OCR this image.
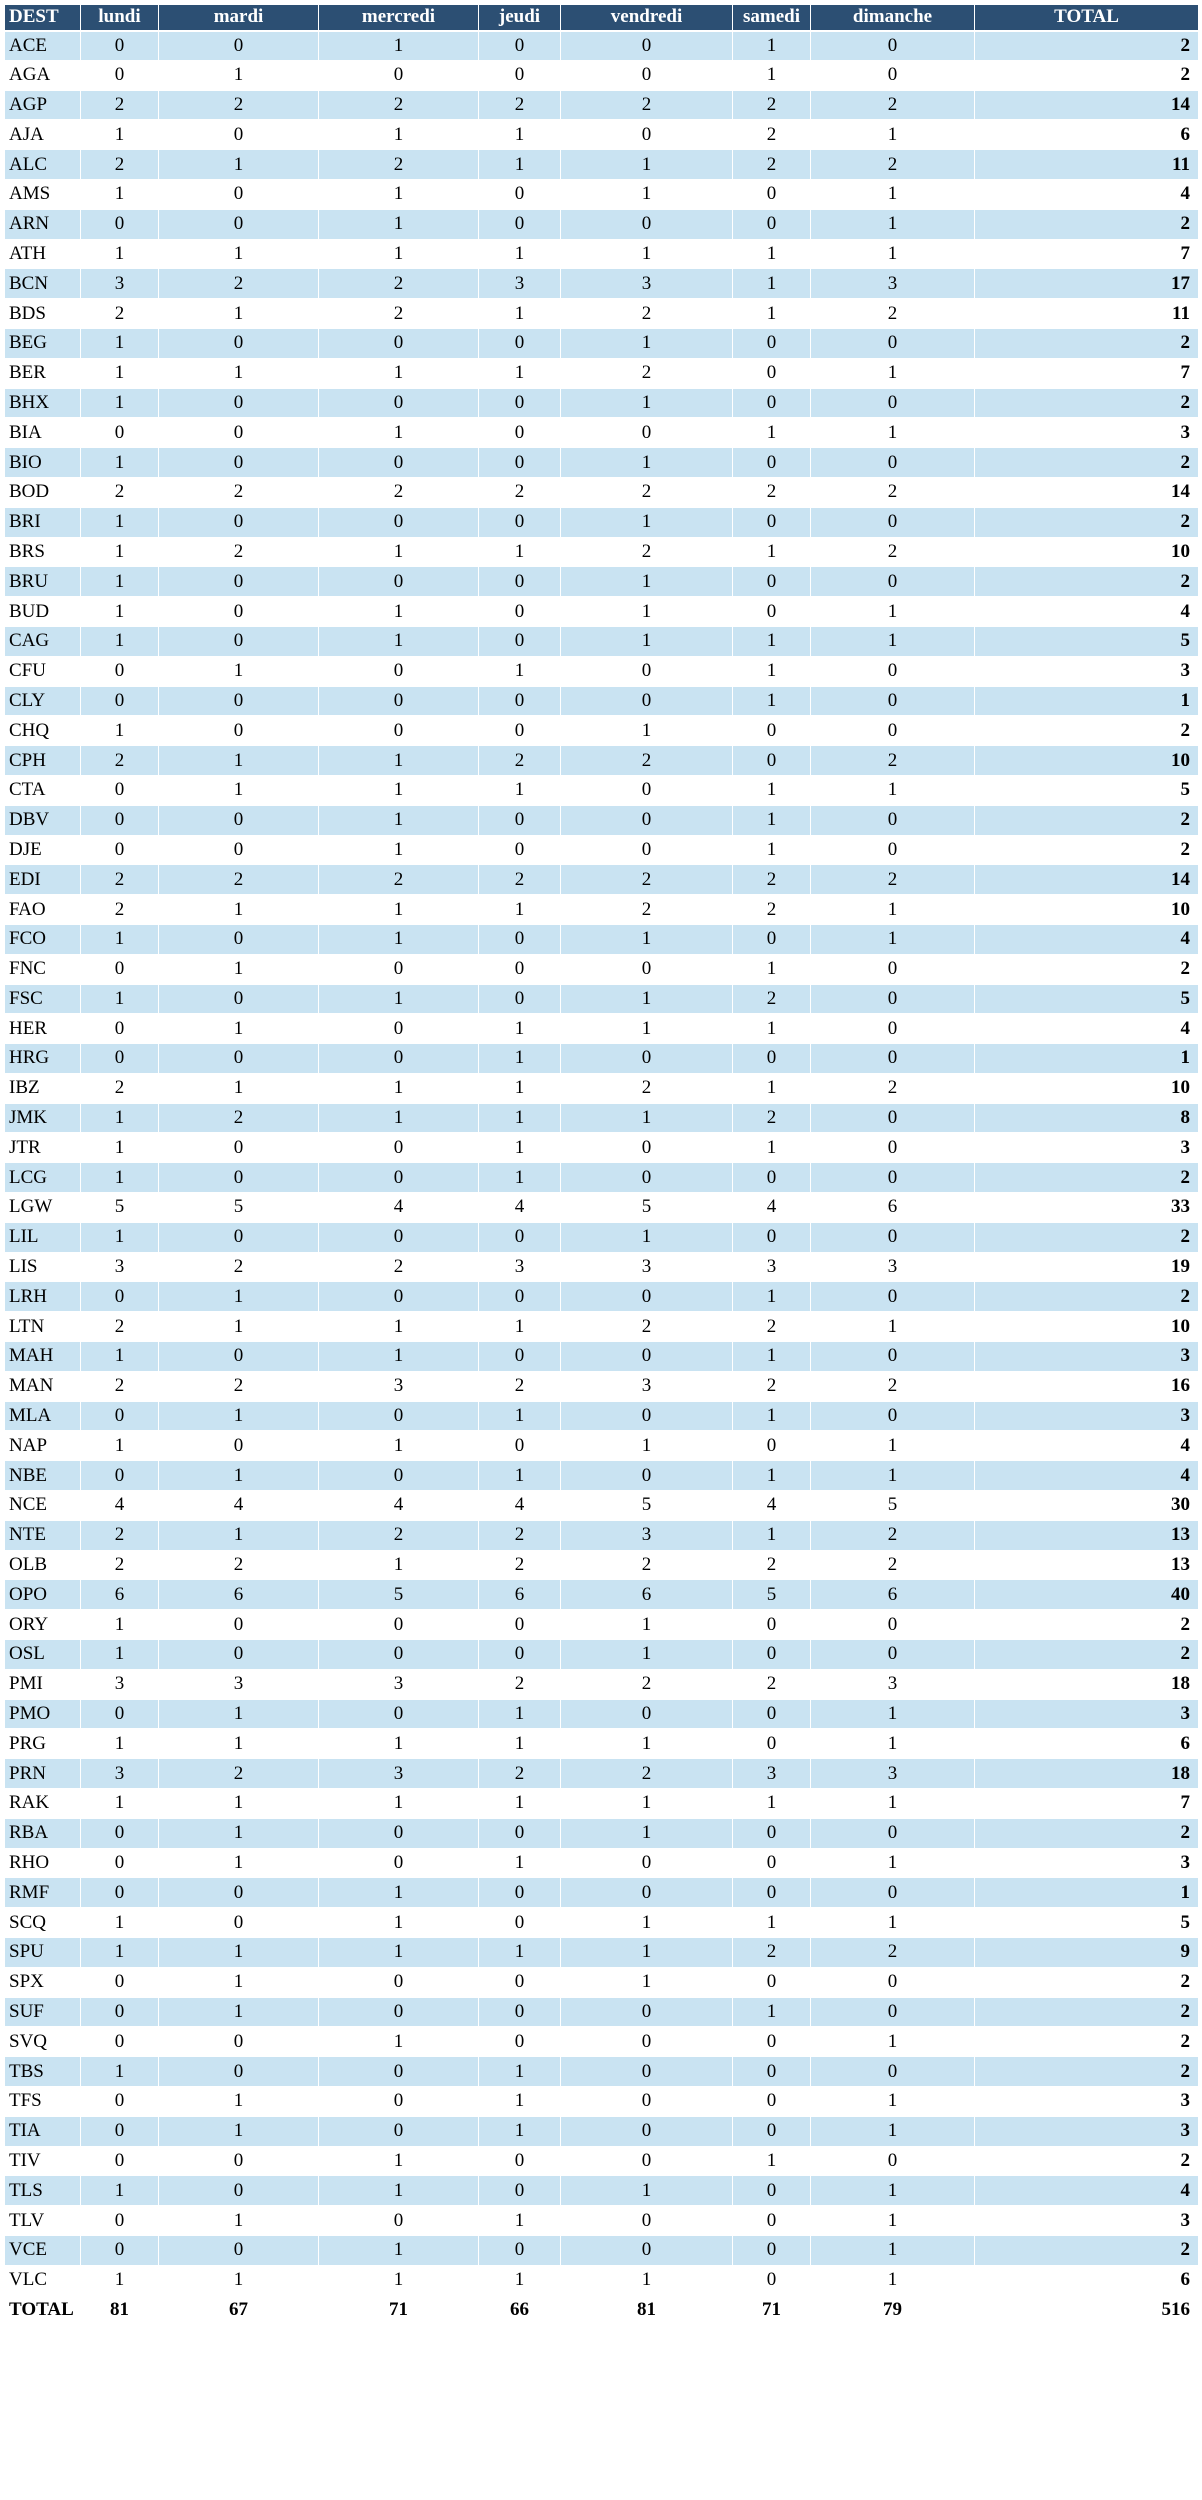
DEST	lundi	mardi	mercredi	jeudi	vendredi	samedi	dimanche	TOTAL
ACE	0	0	1	0	0	1	0	2
AGA	0	1	0	0	0	1	0	2
AGP	2	2	2	2	2	2	2	14
AJA	1	0	1	1	0	2	1	6
ALC	2	1	2	1	1	2	2	11
AMS	1	0	1	0	1	0	1	4
ARN	0	0	1	0	0	0	1	2
ATH	1	1	1	1	1	1	1	7
BCN	3	2	2	3	3	1	3	17
BDS	2	1	2	1	2	1	2	11
BEG	1	0	0	0	1	0	0	2
BER	1	1	1	1	2	0	1	7
BHX	1	0	0	0	1	0	0	2
BIA	0	0	1	0	0	1	1	3
BIO	1	0	0	0	1	0	0	2
BOD	2	2	2	2	2	2	2	14
BRI	1	0	0	0	1	0	0	2
BRS	1	2	1	1	2	1	2	10
BRU	1	0	0	0	1	0	0	2
BUD	1	0	1	0	1	0	1	4
CAG	1	0	1	0	1	1	1	5
CFU	0	1	0	1	0	1	0	3
CLY	0	0	0	0	0	1	0	1
CHQ	1	0	0	0	1	0	0	2
CPH	2	1	1	2	2	0	2	10
CTA	0	1	1	1	0	1	1	5
DBV	0	0	1	0	0	1	0	2
DJE	0	0	1	0	0	1	0	2
EDI	2	2	2	2	2	2	2	14
FAO	2	1	1	1	2	2	1	10
FCO	1	0	1	0	1	0	1	4
FNC	0	1	0	0	0	1	0	2
FSC	1	0	1	0	1	2	0	5
HER	0	1	0	1	1	1	0	4
HRG	0	0	0	1	0	0	0	1
IBZ	2	1	1	1	2	1	2	10
JMK	1	2	1	1	1	2	0	8
JTR	1	0	0	1	0	1	0	3
LCG	1	0	0	1	0	0	0	2
LGW	5	5	4	4	5	4	6	33
LIL	1	0	0	0	1	0	0	2
LIS	3	2	2	3	3	3	3	19
LRH	0	1	0	0	0	1	0	2
LTN	2	1	1	1	2	2	1	10
MAH	1	0	1	0	0	1	0	3
MAN	2	2	3	2	3	2	2	16
MLA	0	1	0	1	0	1	0	3
NAP	1	0	1	0	1	0	1	4
NBE	0	1	0	1	0	1	1	4
NCE	4	4	4	4	5	4	5	30
NTE	2	1	2	2	3	1	2	13
OLB	2	2	1	2	2	2	2	13
OPO	6	6	5	6	6	5	6	40
ORY	1	0	0	0	1	0	0	2
OSL	1	0	0	0	1	0	0	2
PMI	3	3	3	2	2	2	3	18
PMO	0	1	0	1	0	0	1	3
PRG	1	1	1	1	1	0	1	6
PRN	3	2	3	2	2	3	3	18
RAK	1	1	1	1	1	1	1	7
RBA	0	1	0	0	1	0	0	2
RHO	0	1	0	1	0	0	1	3
RMF	0	0	1	0	0	0	0	1
SCQ	1	0	1	0	1	1	1	5
SPU	1	1	1	1	1	2	2	9
SPX	0	1	0	0	1	0	0	2
SUF	0	1	0	0	0	1	0	2
SVQ	0	0	1	0	0	0	1	2
TBS	1	0	0	1	0	0	0	2
TFS	0	1	0	1	0	0	1	3
TIA	0	1	0	1	0	0	1	3
TIV	0	0	1	0	0	1	0	2
TLS	1	0	1	0	1	0	1	4
TLV	0	1	0	1	0	0	1	3
VCE	0	0	1	0	0	0	1	2
VLC	1	1	1	1	1	0	1	6
TOTAL	81	67	71	66	81	71	79	516
